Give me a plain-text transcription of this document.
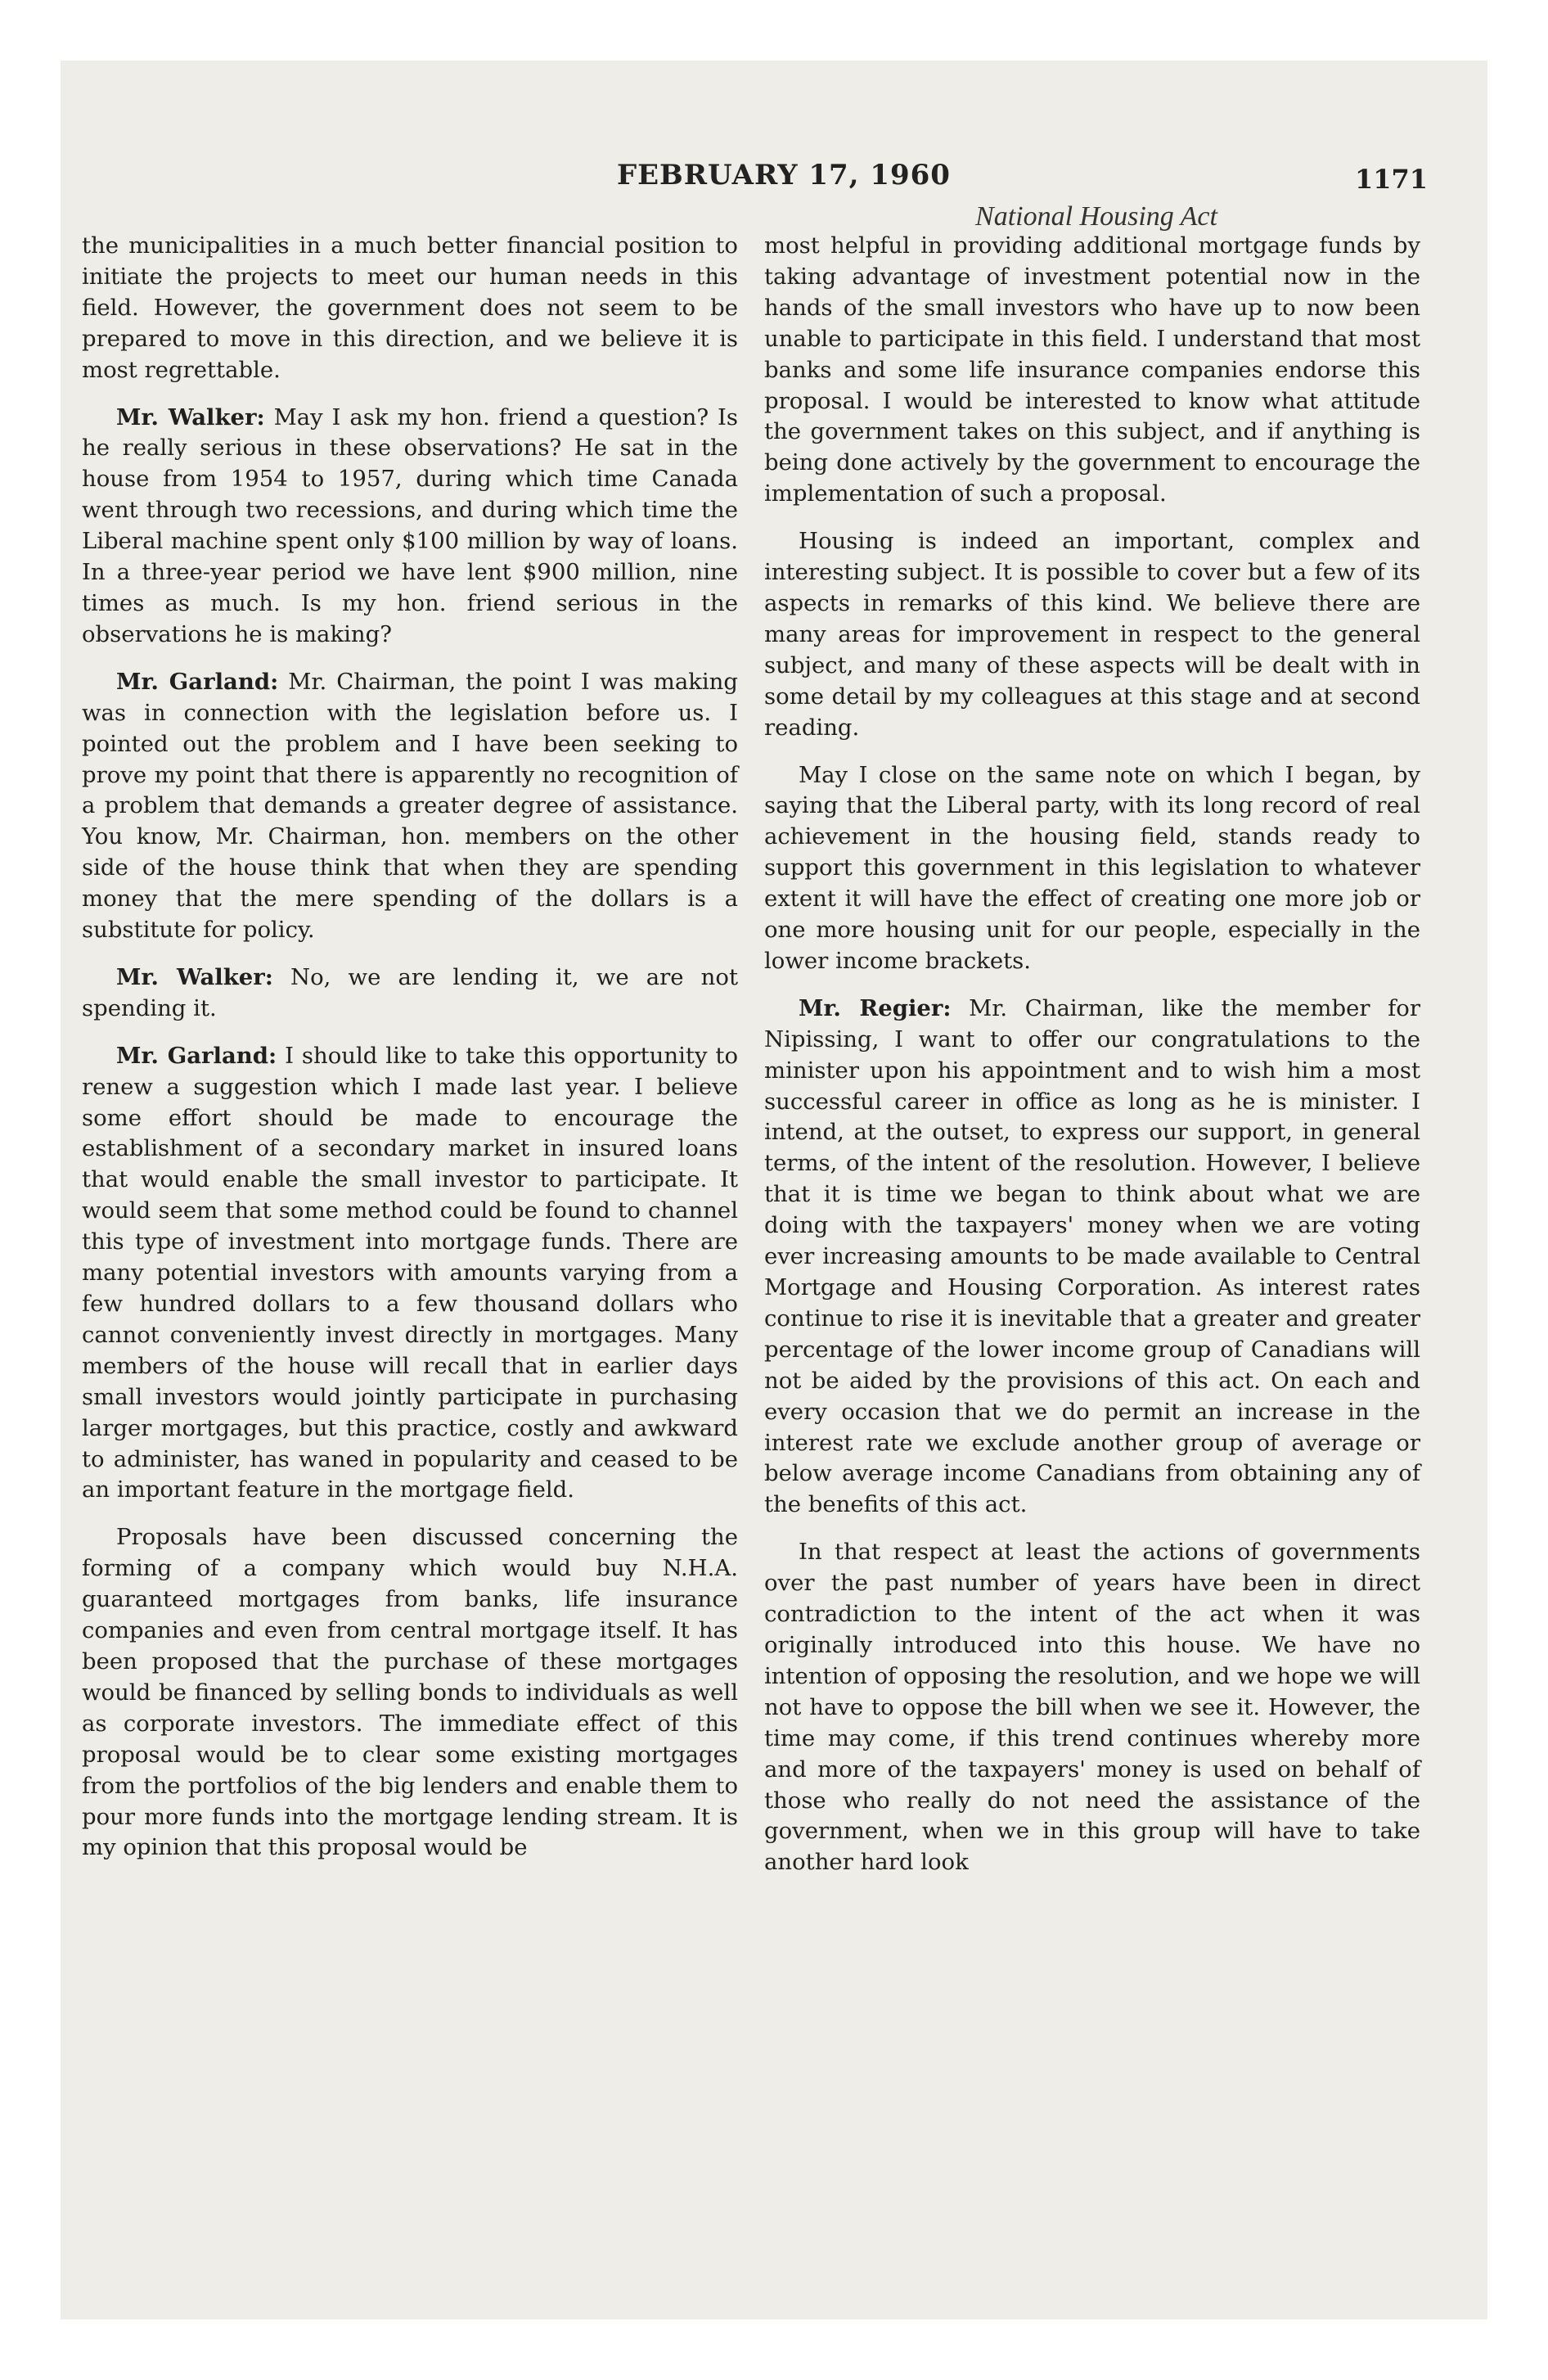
FEBRUARY 17, 1960	1171
National Housing Act

the municipalities in a much better financial position to initiate the projects to meet our human needs in this field. However, the government does not seem to be prepared to move in this direction, and we believe it is most regrettable.

Mr. Walker: May I ask my hon. friend a question? Is he really serious in these observations? He sat in the house from 1954 to 1957, during which time Canada went through two recessions, and during which time the Liberal machine spent only $100 million by way of loans. In a three-year period we have lent $900 million, nine times as much. Is my hon. friend serious in the observations he is making?

Mr. Garland: Mr. Chairman, the point I was making was in connection with the legislation before us. I pointed out the problem and I have been seeking to prove my point that there is apparently no recognition of a problem that demands a greater degree of assistance. You know, Mr. Chairman, hon. members on the other side of the house think that when they are spending money that the mere spending of the dollars is a substitute for policy.

Mr. Walker: No, we are lending it, we are not spending it.

Mr. Garland: I should like to take this opportunity to renew a suggestion which I made last year. I believe some effort should be made to encourage the establishment of a secondary market in insured loans that would enable the small investor to participate. It would seem that some method could be found to channel this type of investment into mortgage funds. There are many potential investors with amounts varying from a few hundred dollars to a few thousand dollars who cannot conveniently invest directly in mortgages. Many members of the house will recall that in earlier days small investors would jointly participate in purchasing larger mortgages, but this practice, costly and awkward to administer, has waned in popularity and ceased to be an important feature in the mortgage field.

Proposals have been discussed concerning the forming of a company which would buy N.H.A. guaranteed mortgages from banks, life insurance companies and even from central mortgage itself. It has been proposed that the purchase of these mortgages would be financed by selling bonds to individuals as well as corporate investors. The immediate effect of this proposal would be to clear some existing mortgages from the portfolios of the big lenders and enable them to pour more funds into the mortgage lending stream. It is my opinion that this proposal would be

most helpful in providing additional mortgage funds by taking advantage of investment potential now in the hands of the small investors who have up to now been unable to participate in this field. I understand that most banks and some life insurance companies endorse this proposal. I would be interested to know what attitude the government takes on this subject, and if anything is being done actively by the government to encourage the implementation of such a proposal.

Housing is indeed an important, complex and interesting subject. It is possible to cover but a few of its aspects in remarks of this kind. We believe there are many areas for improvement in respect to the general subject, and many of these aspects will be dealt with in some detail by my colleagues at this stage and at second reading.

May I close on the same note on which I began, by saying that the Liberal party, with its long record of real achievement in the housing field, stands ready to support this government in this legislation to whatever extent it will have the effect of creating one more job or one more housing unit for our people, especially in the lower income brackets.

Mr. Regier: Mr. Chairman, like the member for Nipissing, I want to offer our congratulations to the minister upon his appointment and to wish him a most successful career in office as long as he is minister. I intend, at the outset, to express our support, in general terms, of the intent of the resolution. However, I believe that it is time we began to think about what we are doing with the taxpayers' money when we are voting ever increasing amounts to be made available to Central Mortgage and Housing Corporation. As interest rates continue to rise it is inevitable that a greater and greater percentage of the lower income group of Canadians will not be aided by the provisions of this act. On each and every occasion that we do permit an increase in the interest rate we exclude another group of average or below average income Canadians from obtaining any of the benefits of this act.

In that respect at least the actions of governments over the past number of years have been in direct contradiction to the intent of the act when it was originally introduced into this house. We have no intention of opposing the resolution, and we hope we will not have to oppose the bill when we see it. However, the time may come, if this trend continues whereby more and more of the taxpayers' money is used on behalf of those who really do not need the assistance of the government, when we in this group will have to take another hard look
